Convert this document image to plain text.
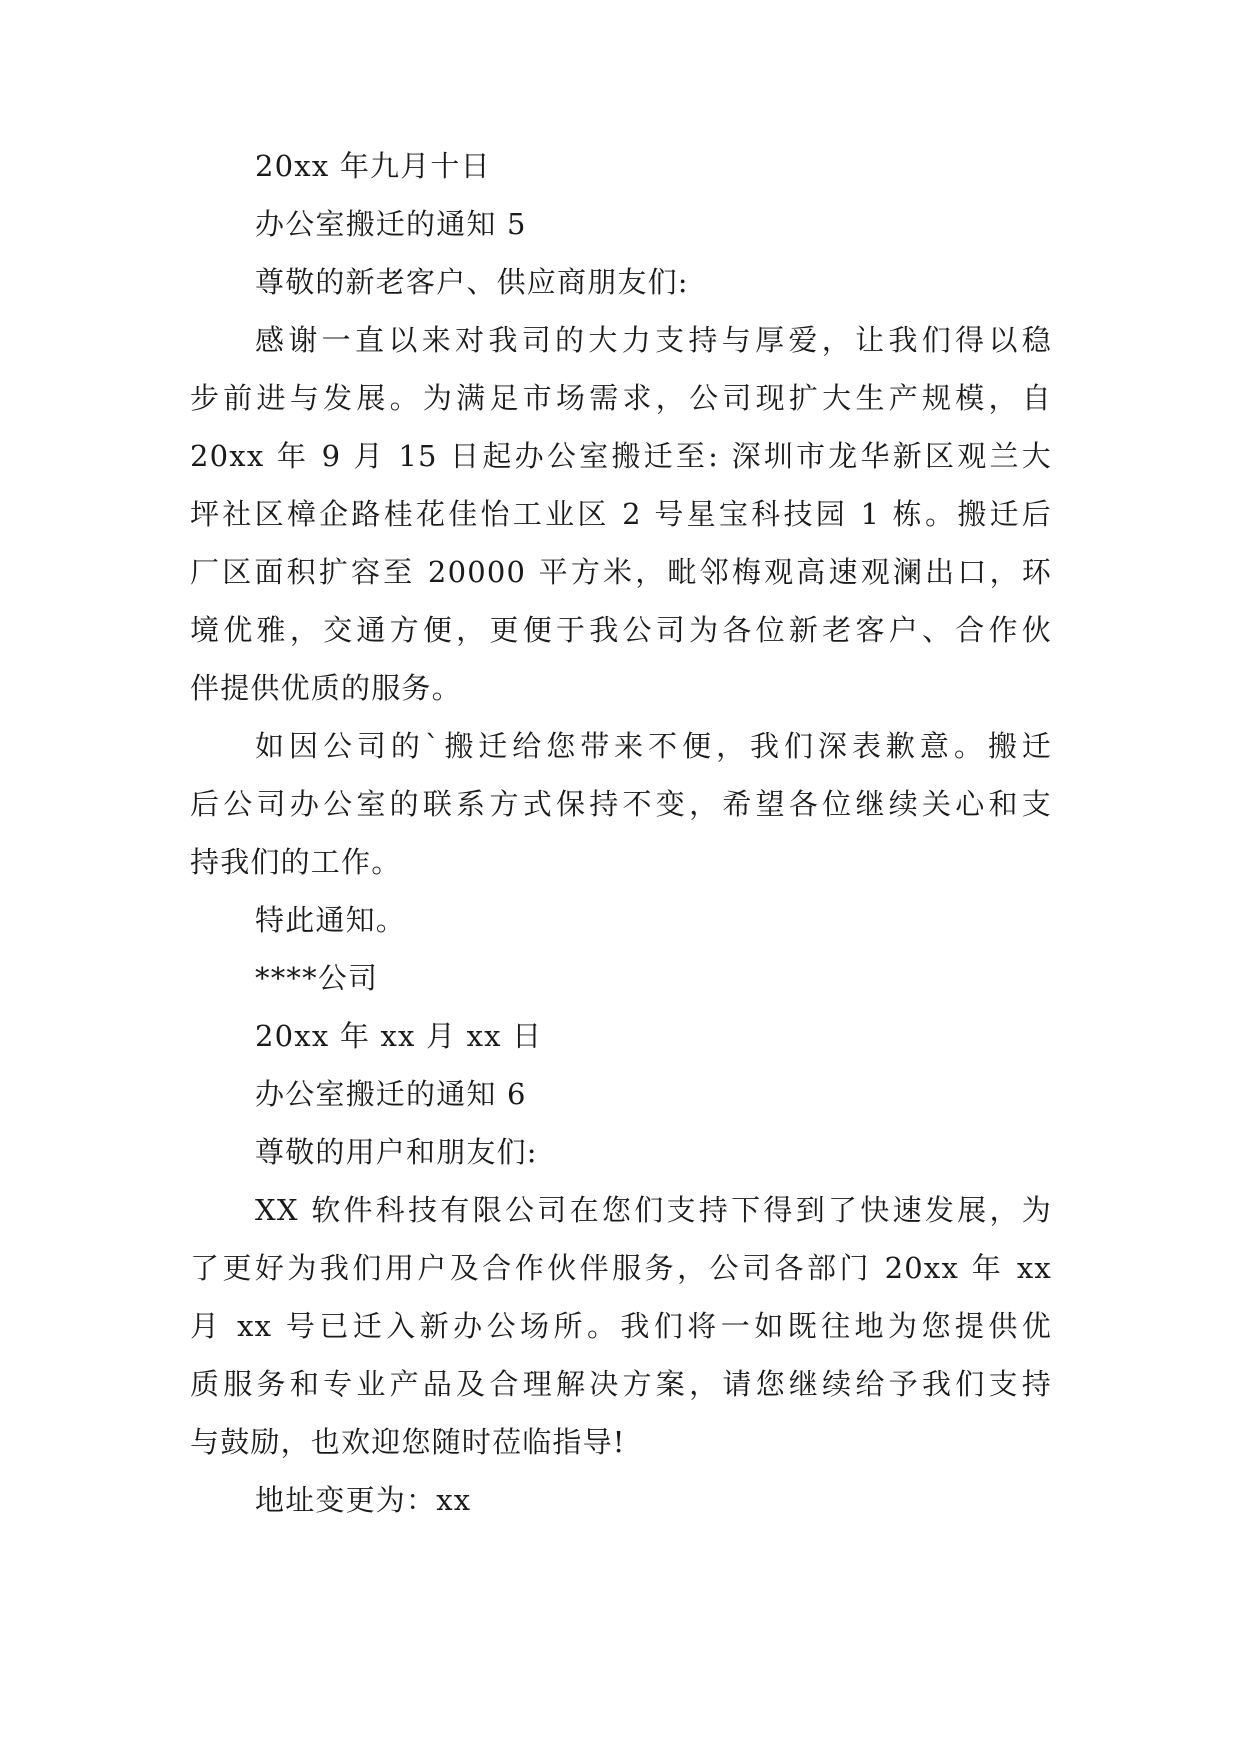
20xx 年九月十日
办公室搬迁的通知 5
尊敬的新老客户、供应商朋友们:
感谢一直以来对我司的大力支持与厚爱，让我们得以稳
步前进与发展。为满足市场需求，公司现扩大生产规模，自
20xx 年 9 月 15 日起办公室搬迁至: 深圳市龙华新区观兰大
坪社区樟企路桂花佳怡工业区 2 号星宝科技园 1 栋。搬迁后
厂区面积扩容至 20000 平方米，毗邻梅观高速观澜出口，环
境优雅，交通方便，更便于我公司为各位新老客户、合作伙
伴提供优质的服务。
如因公司的`搬迁给您带来不便，我们深表歉意。搬迁
后公司办公室的联系方式保持不变，希望各位继续关心和支
持我们的工作。
特此通知。
****公司
20xx 年 xx 月 xx 日
办公室搬迁的通知 6
尊敬的用户和朋友们:
XX 软件科技有限公司在您们支持下得到了快速发展，为
了更好为我们用户及合作伙伴服务，公司各部门 20xx 年 xx
月 xx 号已迁入新办公场所。我们将一如既往地为您提供优
质服务和专业产品及合理解决方案，请您继续给予我们支持
与鼓励，也欢迎您随时莅临指导!
地址变更为：xx
